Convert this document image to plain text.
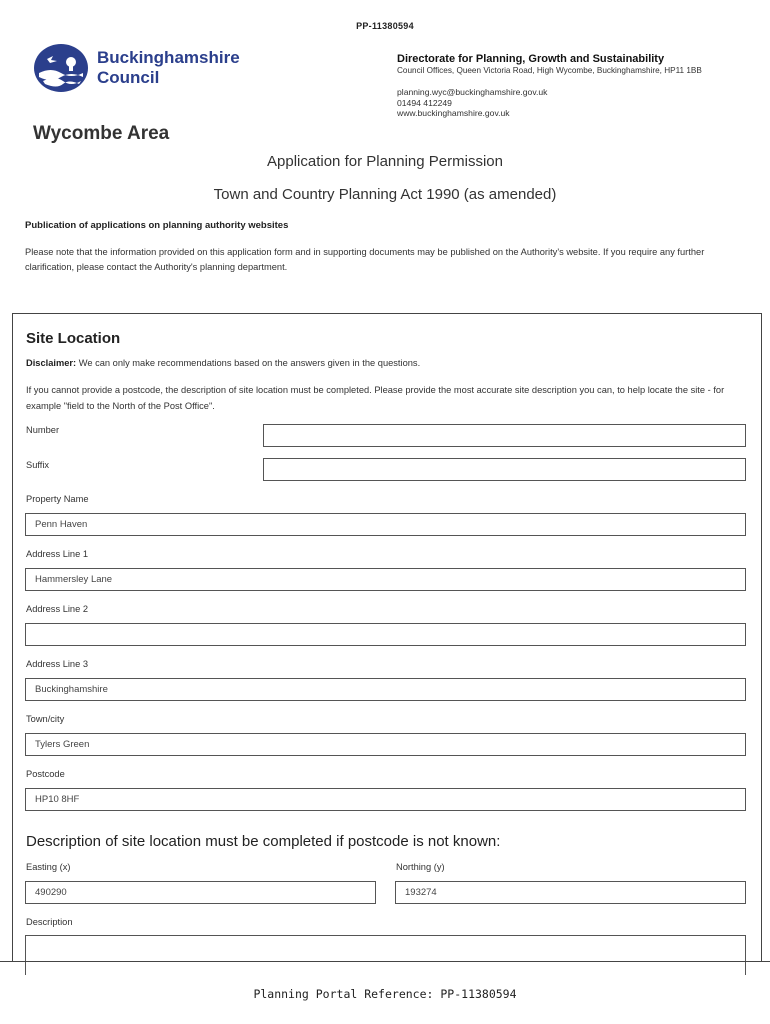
PP-11380594
Buckinghamshire
Council
Directorate for Planning, Growth and Sustainability
Council Offices, Queen Victoria Road, High Wycombe, Buckinghamshire, HP11 1BB
planning.wyc@buckinghamshire.gov.uk
01494 412249
www.buckinghamshire.gov.uk
Wycombe Area
Application for Planning Permission
Town and Country Planning Act 1990 (as amended)
Publication of applications on planning authority websites
Please note that the information provided on this application form and in supporting documents may be published on the Authority's website. If you require any further clarification, please contact the Authority's planning department.
Site Location
Disclaimer: We can only make recommendations based on the answers given in the questions.
If you cannot provide a postcode, the description of site location must be completed. Please provide the most accurate site description you can, to help locate the site - for example "field to the North of the Post Office".
Number
Suffix
Property Name
Penn Haven
Address Line 1
Hammersley Lane
Address Line 2
Address Line 3
Buckinghamshire
Town/city
Tylers Green
Postcode
HP10 8HF
Description of site location must be completed if postcode is not known:
Easting (x)
490290
Northing (y)
193274
Description
Planning Portal Reference: PP-11380594
